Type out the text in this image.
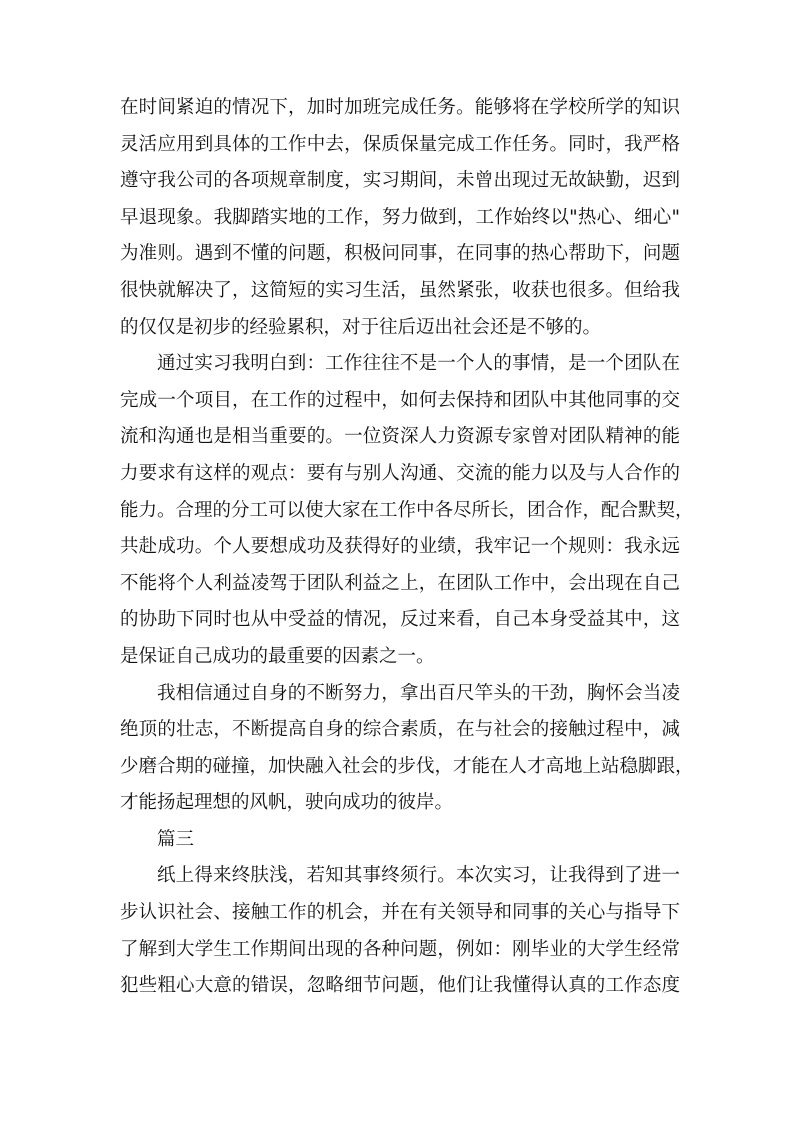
在时间紧迫的情况下，加时加班完成任务。能够将在学校所学的知识
灵活应用到具体的工作中去，保质保量完成工作任务。同时，我严格
遵守我公司的各项规章制度，实习期间，未曾出现过无故缺勤，迟到
早退现象。我脚踏实地的工作，努力做到，工作始终以"热心、细心"
为准则。遇到不懂的问题，积极问同事，在同事的热心帮助下，问题
很快就解决了，这简短的实习生活，虽然紧张，收获也很多。但给我
的仅仅是初步的经验累积，对于往后迈出社会还是不够的。
通过实习我明白到：工作往往不是一个人的事情，是一个团队在
完成一个项目，在工作的过程中，如何去保持和团队中其他同事的交
流和沟通也是相当重要的。一位资深人力资源专家曾对团队精神的能
力要求有这样的观点：要有与别人沟通、交流的能力以及与人合作的
能力。合理的分工可以使大家在工作中各尽所长，团合作，配合默契，
共赴成功。个人要想成功及获得好的业绩，我牢记一个规则：我永远
不能将个人利益凌驾于团队利益之上，在团队工作中，会出现在自己
的协助下同时也从中受益的情况，反过来看，自己本身受益其中，这
是保证自己成功的最重要的因素之一。
我相信通过自身的不断努力，拿出百尺竿头的干劲，胸怀会当凌
绝顶的壮志，不断提高自身的综合素质，在与社会的接触过程中，减
少磨合期的碰撞，加快融入社会的步伐，才能在人才高地上站稳脚跟，
才能扬起理想的风帆，驶向成功的彼岸。
篇三
纸上得来终肤浅，若知其事终须行。本次实习，让我得到了进一
步认识社会、接触工作的机会，并在有关领导和同事的关心与指导下
了解到大学生工作期间出现的各种问题，例如：刚毕业的大学生经常
犯些粗心大意的错误，忽略细节问题，他们让我懂得认真的工作态度
